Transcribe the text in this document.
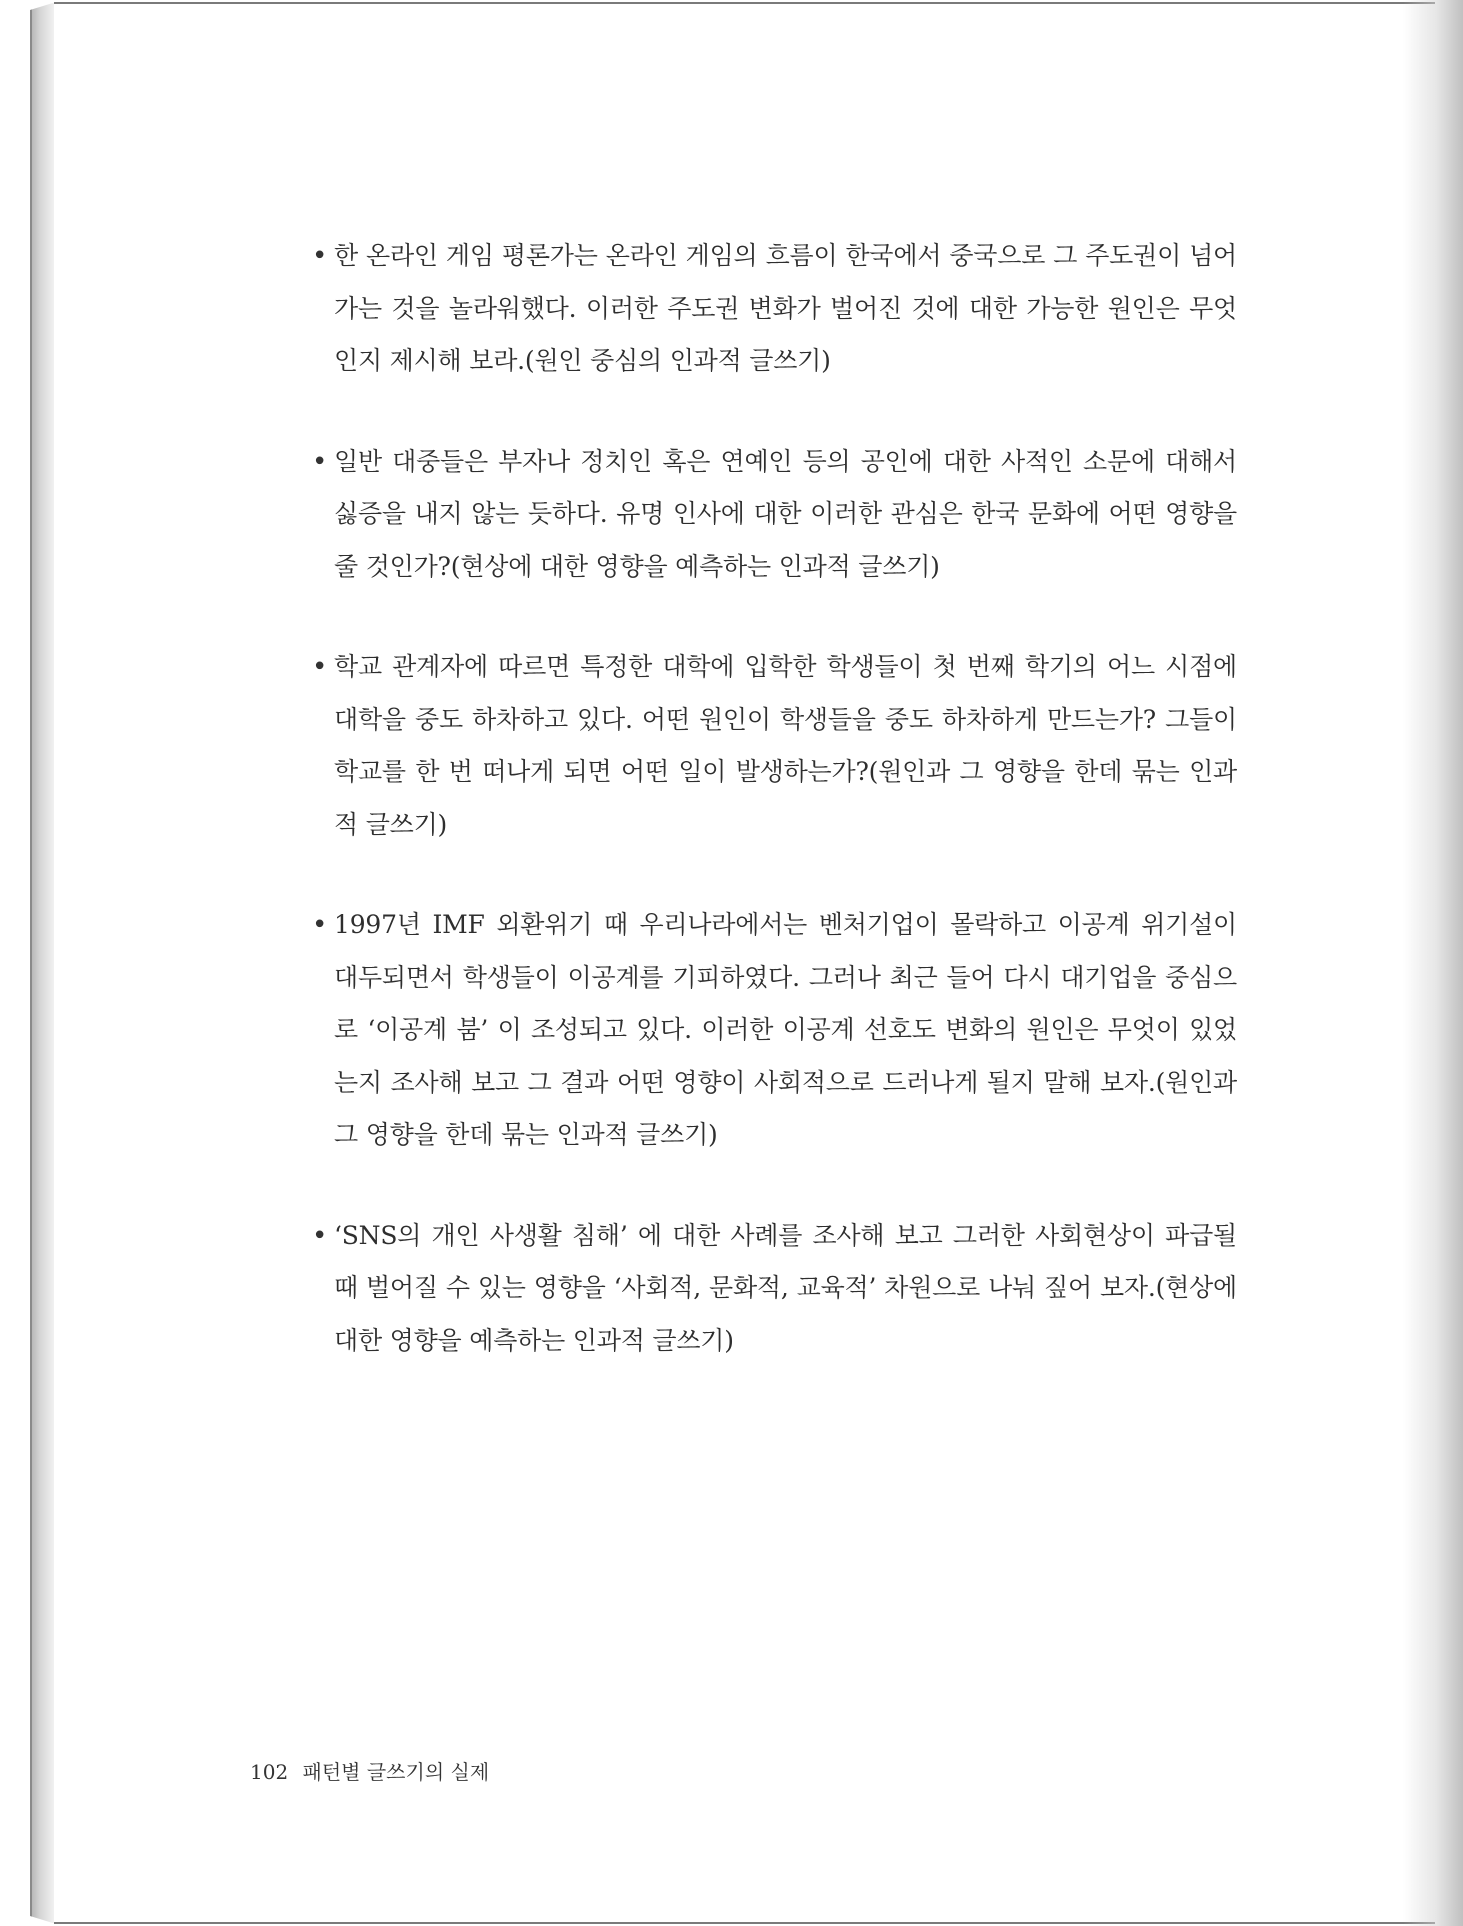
• 한 온라인 게임 평론가는 온라인 게임의 흐름이 한국에서 중국으로 그 주도권이 넘어가는 것을 놀라워했다. 이러한 주도권 변화가 벌어진 것에 대한 가능한 원인은 무엇인지 제시해 보라.(원인 중심의 인과적 글쓰기)

• 일반 대중들은 부자나 정치인 혹은 연예인 등의 공인에 대한 사적인 소문에 대해서 싫증을 내지 않는 듯하다. 유명 인사에 대한 이러한 관심은 한국 문화에 어떤 영향을 줄 것인가?(현상에 대한 영향을 예측하는 인과적 글쓰기)

• 학교 관계자에 따르면 특정한 대학에 입학한 학생들이 첫 번째 학기의 어느 시점에 대학을 중도 하차하고 있다. 어떤 원인이 학생들을 중도 하차하게 만드는가? 그들이 학교를 한 번 떠나게 되면 어떤 일이 발생하는가?(원인과 그 영향을 한데 묶는 인과적 글쓰기)

• 1997년 IMF 외환위기 때 우리나라에서는 벤처기업이 몰락하고 이공계 위기설이 대두되면서 학생들이 이공계를 기피하였다. 그러나 최근 들어 다시 대기업을 중심으로 ‘이공계 붐’ 이 조성되고 있다. 이러한 이공계 선호도 변화의 원인은 무엇이 있었는지 조사해 보고 그 결과 어떤 영향이 사회적으로 드러나게 될지 말해 보자.(원인과 그 영향을 한데 묶는 인과적 글쓰기)

• ‘SNS의 개인 사생활 침해’ 에 대한 사례를 조사해 보고 그러한 사회현상이 파급될 때 벌어질 수 있는 영향을 ‘사회적, 문화적, 교육적’ 차원으로 나눠 짚어 보자.(현상에 대한 영향을 예측하는 인과적 글쓰기)

102 패턴별 글쓰기의 실제
